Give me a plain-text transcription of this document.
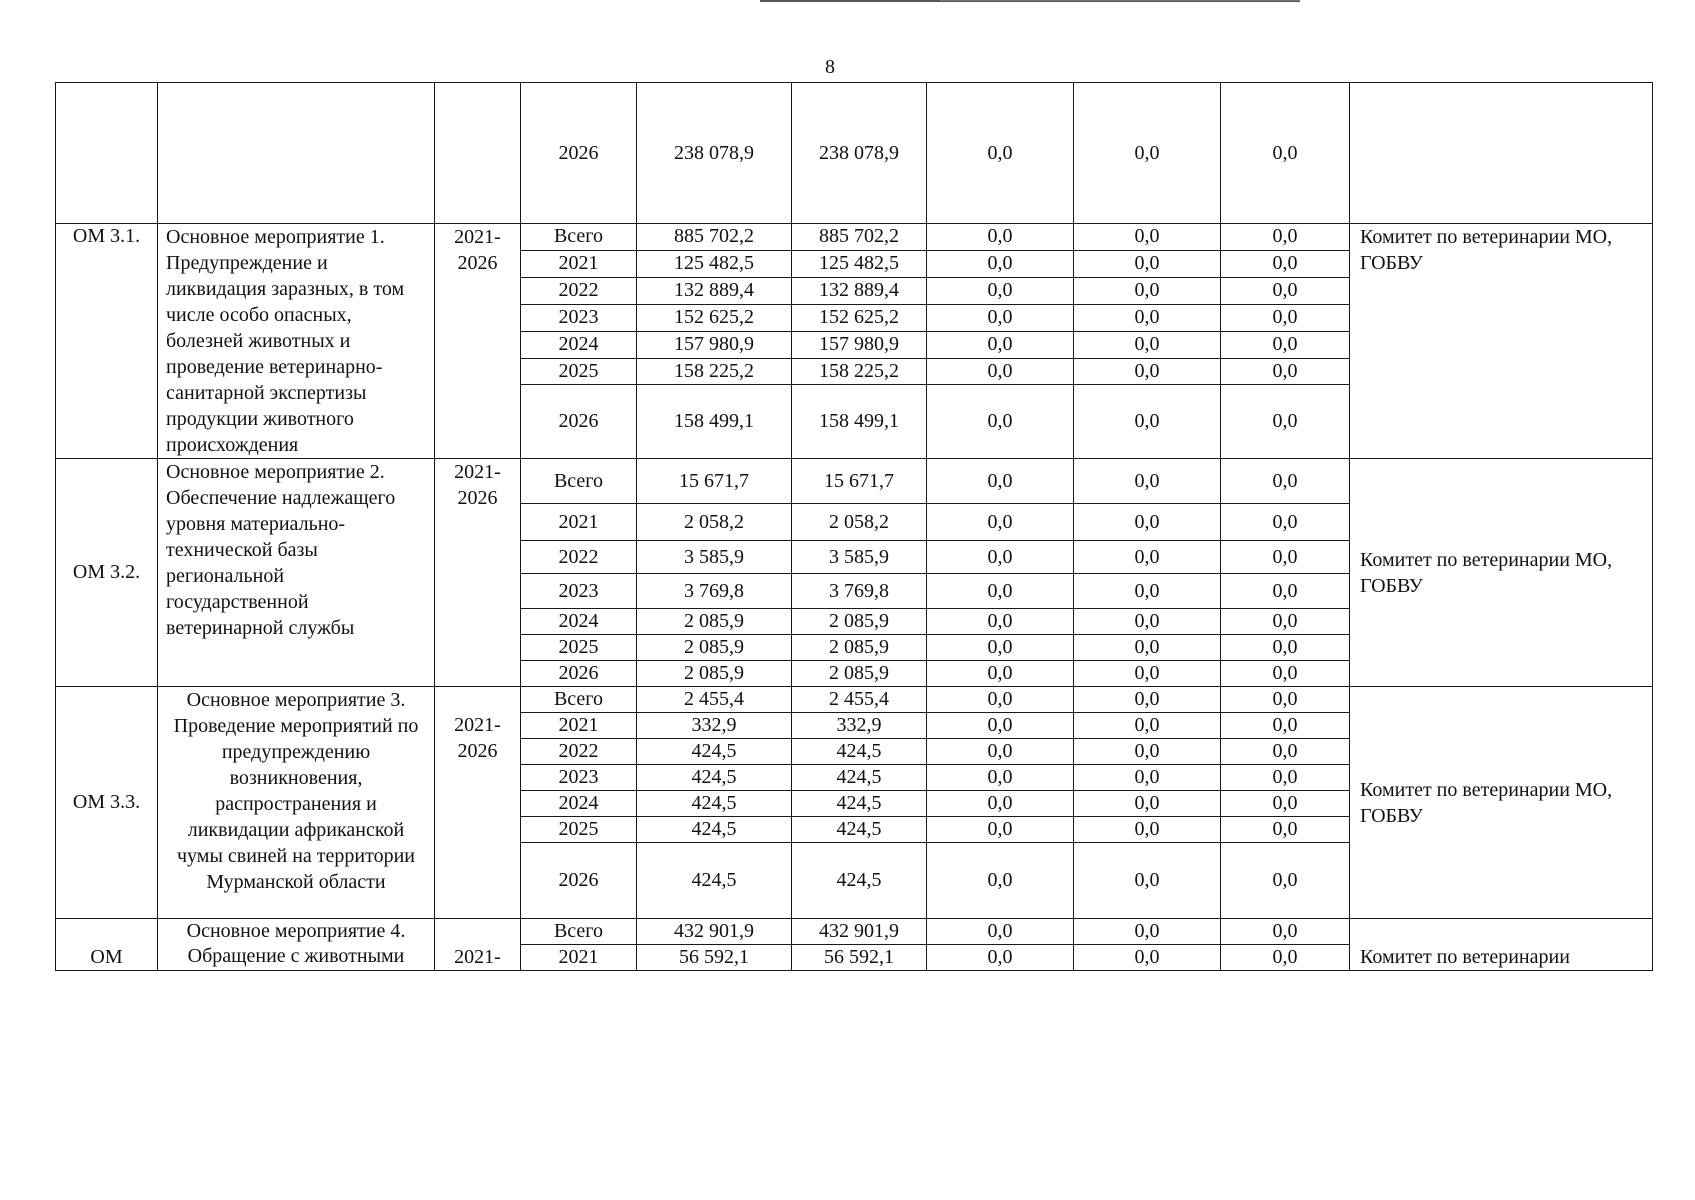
8
			2026	238 078,9	238 078,9	0,0	0,0	0,0	
ОМ 3.1.	Основное мероприятие 1. Предупреждение и ликвидация заразных, в том числе особо опасных, болезней животных и проведение ветеринарно-санитарной экспертизы продукции животного происхождения	2021-2026	Всего	885 702,2	885 702,2	0,0	0,0	0,0	Комитет по ветеринарии МО, ГОБВУ
			2021	125 482,5	125 482,5	0,0	0,0	0,0	
			2022	132 889,4	132 889,4	0,0	0,0	0,0	
			2023	152 625,2	152 625,2	0,0	0,0	0,0	
			2024	157 980,9	157 980,9	0,0	0,0	0,0	
			2025	158 225,2	158 225,2	0,0	0,0	0,0	
			2026	158 499,1	158 499,1	0,0	0,0	0,0	
ОМ 3.2.	Основное мероприятие 2. Обеспечение надлежащего уровня материально-технической базы региональной государственной ветеринарной службы	2021-2026	Всего	15 671,7	15 671,7	0,0	0,0	0,0	Комитет по ветеринарии МО, ГОБВУ
			2021	2 058,2	2 058,2	0,0	0,0	0,0	
			2022	3 585,9	3 585,9	0,0	0,0	0,0	
			2023	3 769,8	3 769,8	0,0	0,0	0,0	
			2024	2 085,9	2 085,9	0,0	0,0	0,0	
			2025	2 085,9	2 085,9	0,0	0,0	0,0	
			2026	2 085,9	2 085,9	0,0	0,0	0,0	
ОМ 3.3.	Основное мероприятие 3. Проведение мероприятий по предупреждению возникновения, распространения и ликвидации африканской чумы свиней на территории Мурманской области	2021-2026	Всего	2 455,4	2 455,4	0,0	0,0	0,0	Комитет по ветеринарии МО, ГОБВУ
			2021	332,9	332,9	0,0	0,0	0,0	
			2022	424,5	424,5	0,0	0,0	0,0	
			2023	424,5	424,5	0,0	0,0	0,0	
			2024	424,5	424,5	0,0	0,0	0,0	
			2025	424,5	424,5	0,0	0,0	0,0	
			2026	424,5	424,5	0,0	0,0	0,0	
ОМ	Основное мероприятие 4. Обращение с животными	2021-	Всего	432 901,9	432 901,9	0,0	0,0	0,0	Комитет по ветеринарии
			2021	56 592,1	56 592,1	0,0	0,0	0,0	
